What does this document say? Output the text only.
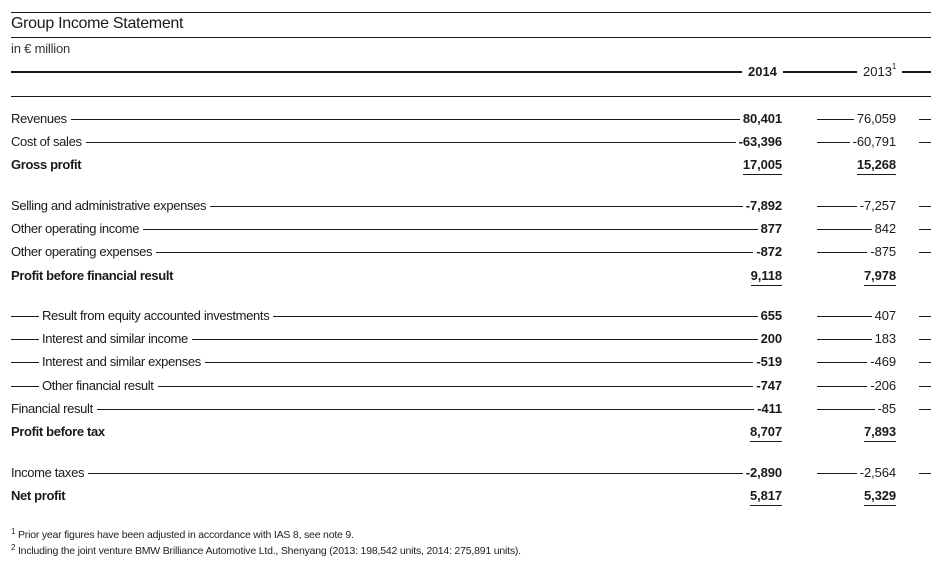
Group Income Statement
in € million
2014	2013$^1$
Revenues	80,401	76,059
Cost of sales	-63,396	-60,791
Gross profit	17,005	15,268
Selling and administrative expenses	-7,892	-7,257
Other operating income	877	842
Other operating expenses	-872	-875
Profit before financial result	9,118	7,978
Result from equity accounted investments	655	407
Interest and similar income	200	183
Interest and similar expenses	-519	-469
Other financial result	-747	-206
Financial result	-411	-85
Profit before tax	8,707	7,893
Income taxes	-2,890	-2,564
Net profit	5,817	5,329
$^1$ Prior year figures have been adjusted in accordance with IAS 8, see note 9.
$^2$ Including the joint venture BMW Brilliance Automotive Ltd., Shenyang (2013: 198,542 units, 2014: 275,891 units).
